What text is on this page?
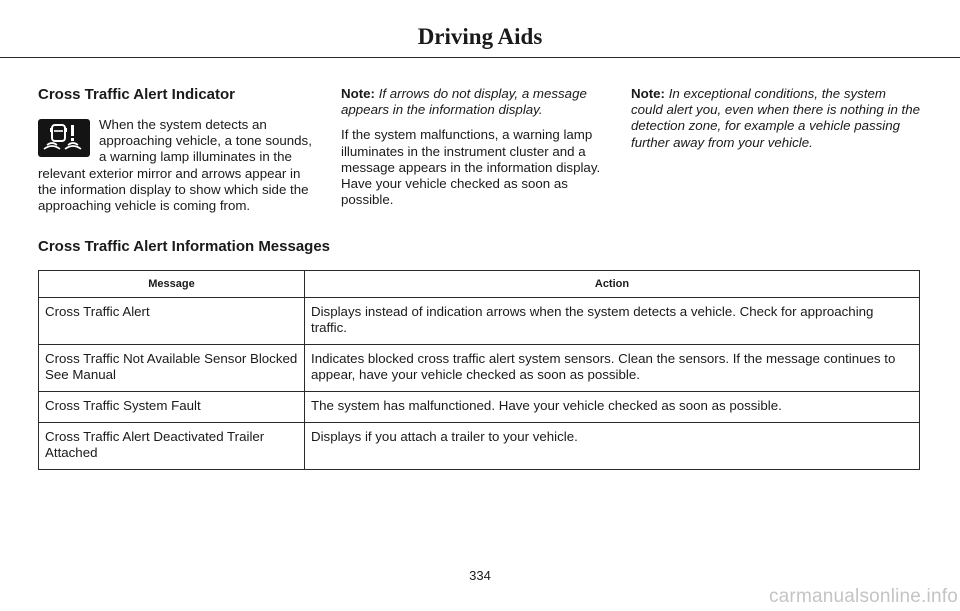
Driving Aids
Cross Traffic Alert Indicator

When the system detects an approaching vehicle, a tone sounds, a warning lamp illuminates in the relevant exterior mirror and arrows appear in the information display to show which side the approaching vehicle is coming from.

Note: If arrows do not display, a message appears in the information display.

If the system malfunctions, a warning lamp illuminates in the instrument cluster and a message appears in the information display. Have your vehicle checked as soon as possible.

Note: In exceptional conditions, the system could alert you, even when there is nothing in the detection zone, for example a vehicle passing further away from your vehicle.

Cross Traffic Alert Information Messages
Message	Action
Cross Traffic Alert	Displays instead of indication arrows when the system detects a vehicle. Check for approaching traffic.
Cross Traffic Not Available Sensor Blocked See Manual	Indicates blocked cross traffic alert system sensors. Clean the sensors. If the message continues to appear, have your vehicle checked as soon as possible.
Cross Traffic System Fault	The system has malfunctioned. Have your vehicle checked as soon as possible.
Cross Traffic Alert Deactivated Trailer Attached	Displays if you attach a trailer to your vehicle.
334
carmanualsonline.info
